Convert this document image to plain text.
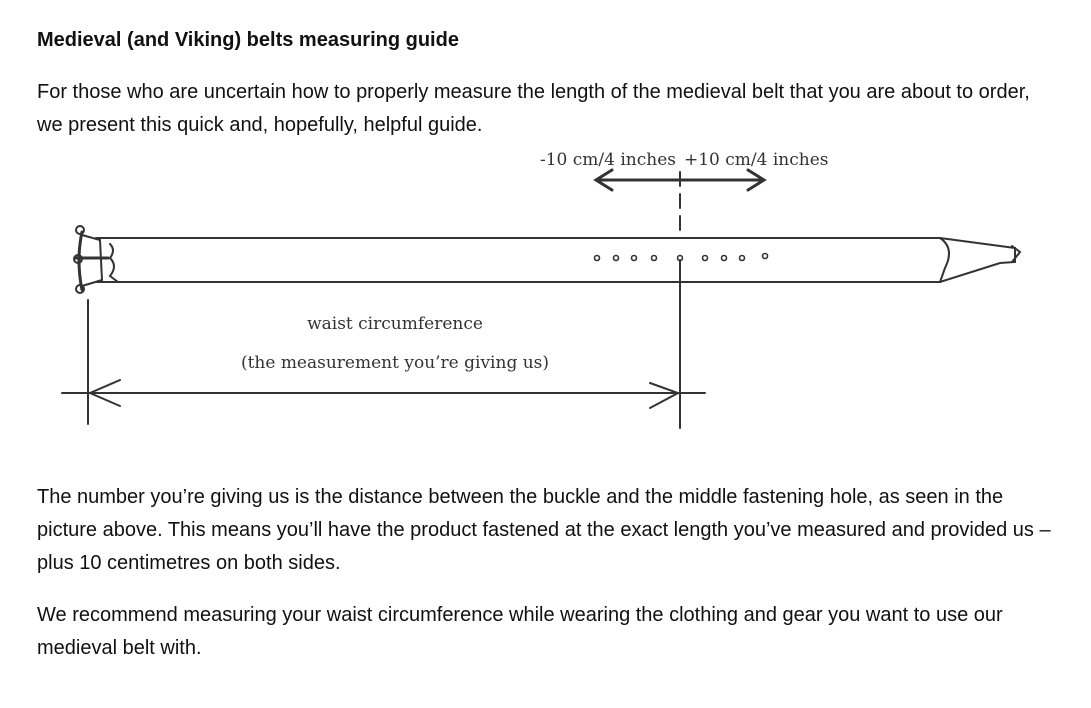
Medieval (and Viking) belts measuring guide
For those who are uncertain how to properly measure the length of the medieval belt that you are about to order, we present this quick and, hopefully, helpful guide.
-10 cm/4 inches +10 cm/4 inches
waist circumference
(the measurement you’re giving us)
The number you’re giving us is the distance between the buckle and the middle fastening hole, as seen in the picture above. This means you’ll have the product fastened at the exact length you’ve measured and provided us – plus 10 centimetres on both sides.
We recommend measuring your waist circumference while wearing the clothing and gear you want to use our medieval belt with.
